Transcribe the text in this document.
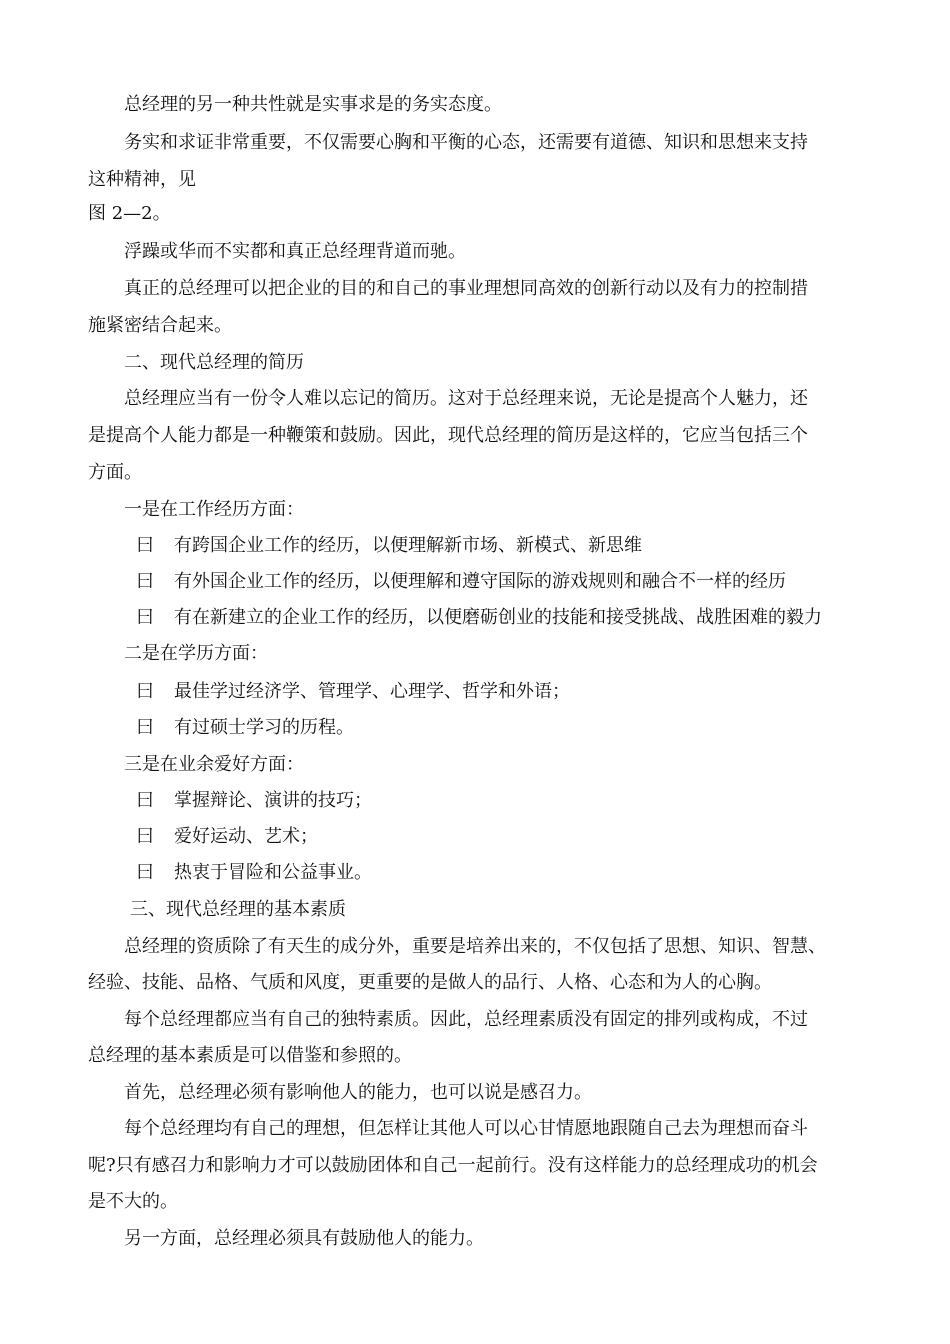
总经理的另一种共性就是实事求是的务实态度。
务实和求证非常重要，不仅需要心胸和平衡的心态，还需要有道德、知识和思想来支持
这种精神，见
图 2—2。
浮躁或华而不实都和真正总经理背道而驰。
真正的总经理可以把企业的目的和自己的事业理想同高效的创新行动以及有力的控制措
施紧密结合起来。
二、现代总经理的简历
总经理应当有一份令人难以忘记的简历。这对于总经理来说，无论是提高个人魅力，还
是提高个人能力都是一种鞭策和鼓励。因此，现代总经理的简历是这样的，它应当包括三个
方面。
一是在工作经历方面：
曰 有跨国企业工作的经历，以便理解新市场、新模式、新思维
曰 有外国企业工作的经历，以便理解和遵守国际的游戏规则和融合不一样的经历
曰 有在新建立的企业工作的经历，以便磨砺创业的技能和接受挑战、战胜困难的毅力
二是在学历方面：
曰 最佳学过经济学、管理学、心理学、哲学和外语；
曰 有过硕士学习的历程。
三是在业余爱好方面：
曰 掌握辩论、演讲的技巧；
曰 爱好运动、艺术；
曰 热衷于冒险和公益事业。
三、现代总经理的基本素质
总经理的资质除了有天生的成分外，重要是培养出来的，不仅包括了思想、知识、智慧、
经验、技能、品格、气质和风度，更重要的是做人的品行、人格、心态和为人的心胸。
每个总经理都应当有自己的独特素质。因此，总经理素质没有固定的排列或构成，不过
总经理的基本素质是可以借鉴和参照的。
首先，总经理必须有影响他人的能力，也可以说是感召力。
每个总经理均有自己的理想，但怎样让其他人可以心甘情愿地跟随自己去为理想而奋斗
呢?只有感召力和影响力才可以鼓励团体和自己一起前行。没有这样能力的总经理成功的机会
是不大的。
另一方面，总经理必须具有鼓励他人的能力。
